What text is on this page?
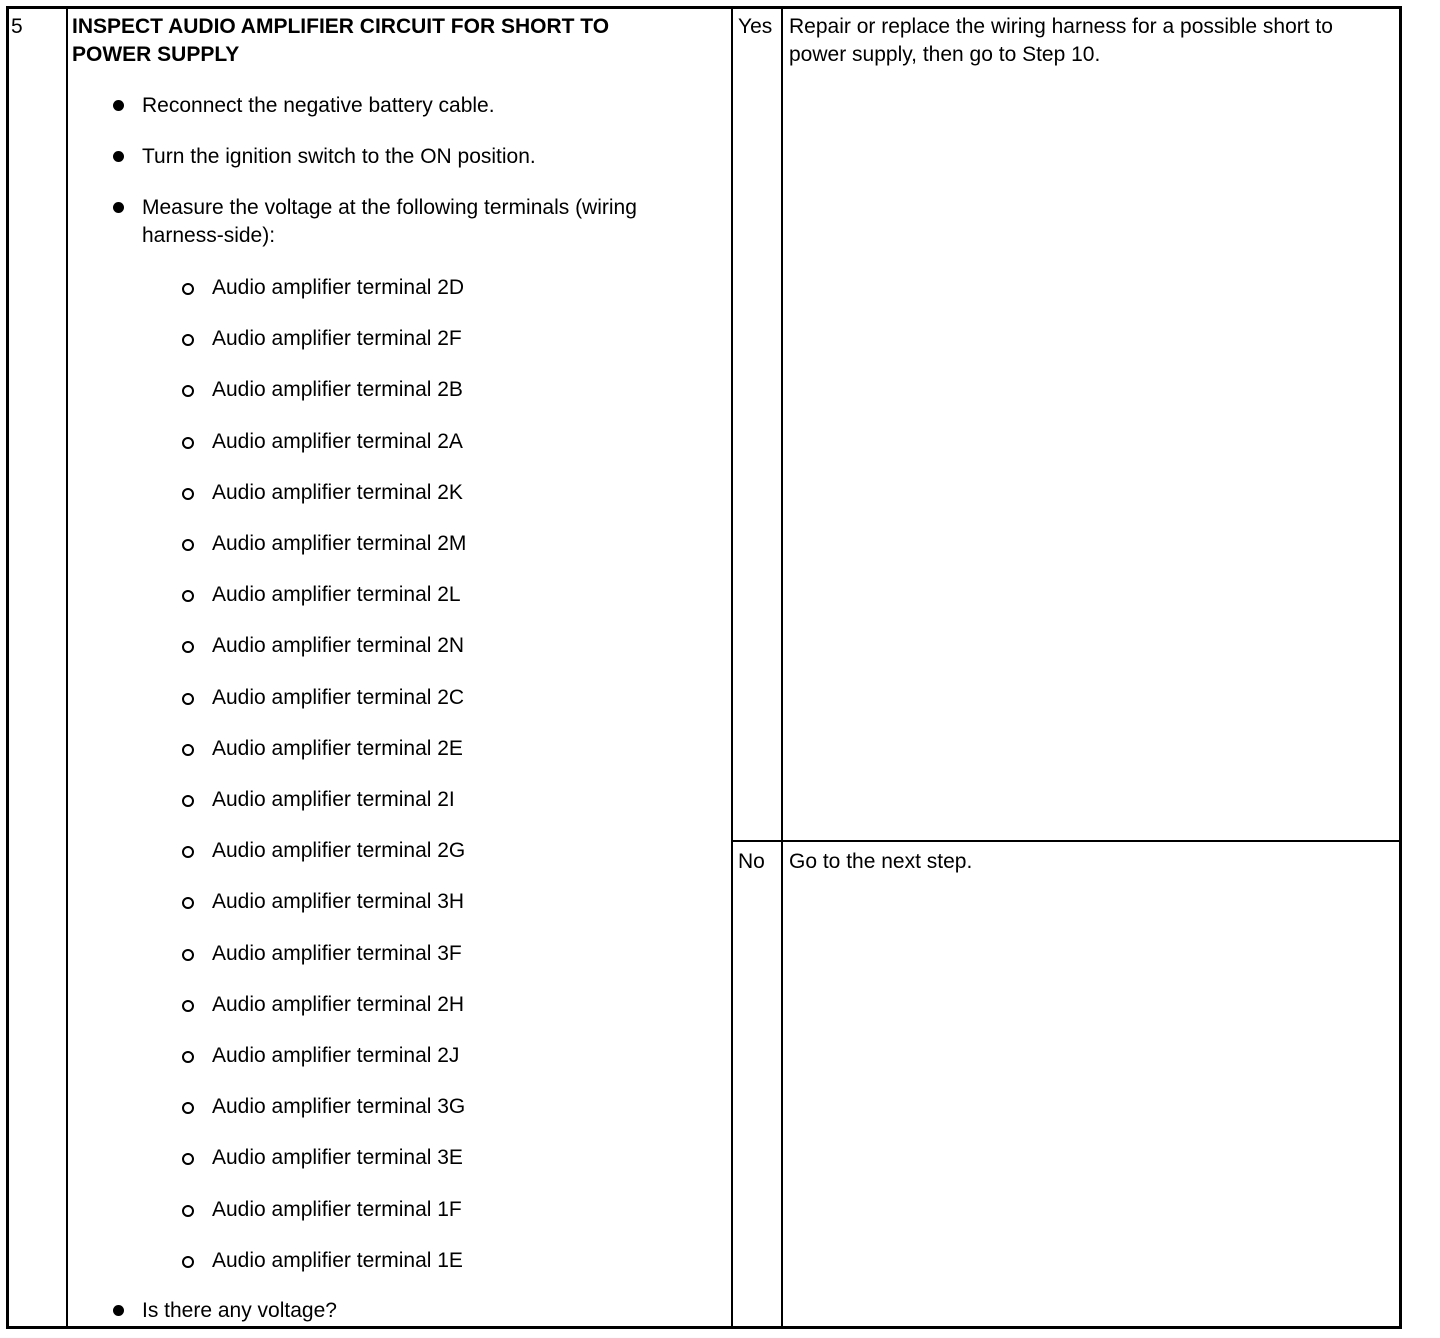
5 INSPECT AUDIO AMPLIFIER CIRCUIT FOR SHORT TO
POWER SUPPLY
Reconnect the negative battery cable.
Turn the ignition switch to the ON position.
Measure the voltage at the following terminals (wiring
harness-side):
Is there any voltage?
Yes Repair or replace the wiring harness for a possible short to
power supply, then go to Step 10.
No Go to the next step.
Audio amplifier terminal 2D
Audio amplifier terminal 2F
Audio amplifier terminal 2B
Audio amplifier terminal 2A
Audio amplifier terminal 2K
Audio amplifier terminal 2M
Audio amplifier terminal 2L
Audio amplifier terminal 2N
Audio amplifier terminal 2C
Audio amplifier terminal 2E
Audio amplifier terminal 2I
Audio amplifier terminal 2G
Audio amplifier terminal 3H
Audio amplifier terminal 3F
Audio amplifier terminal 2H
Audio amplifier terminal 2J
Audio amplifier terminal 3G
Audio amplifier terminal 3E
Audio amplifier terminal 1F
Audio amplifier terminal 1E
